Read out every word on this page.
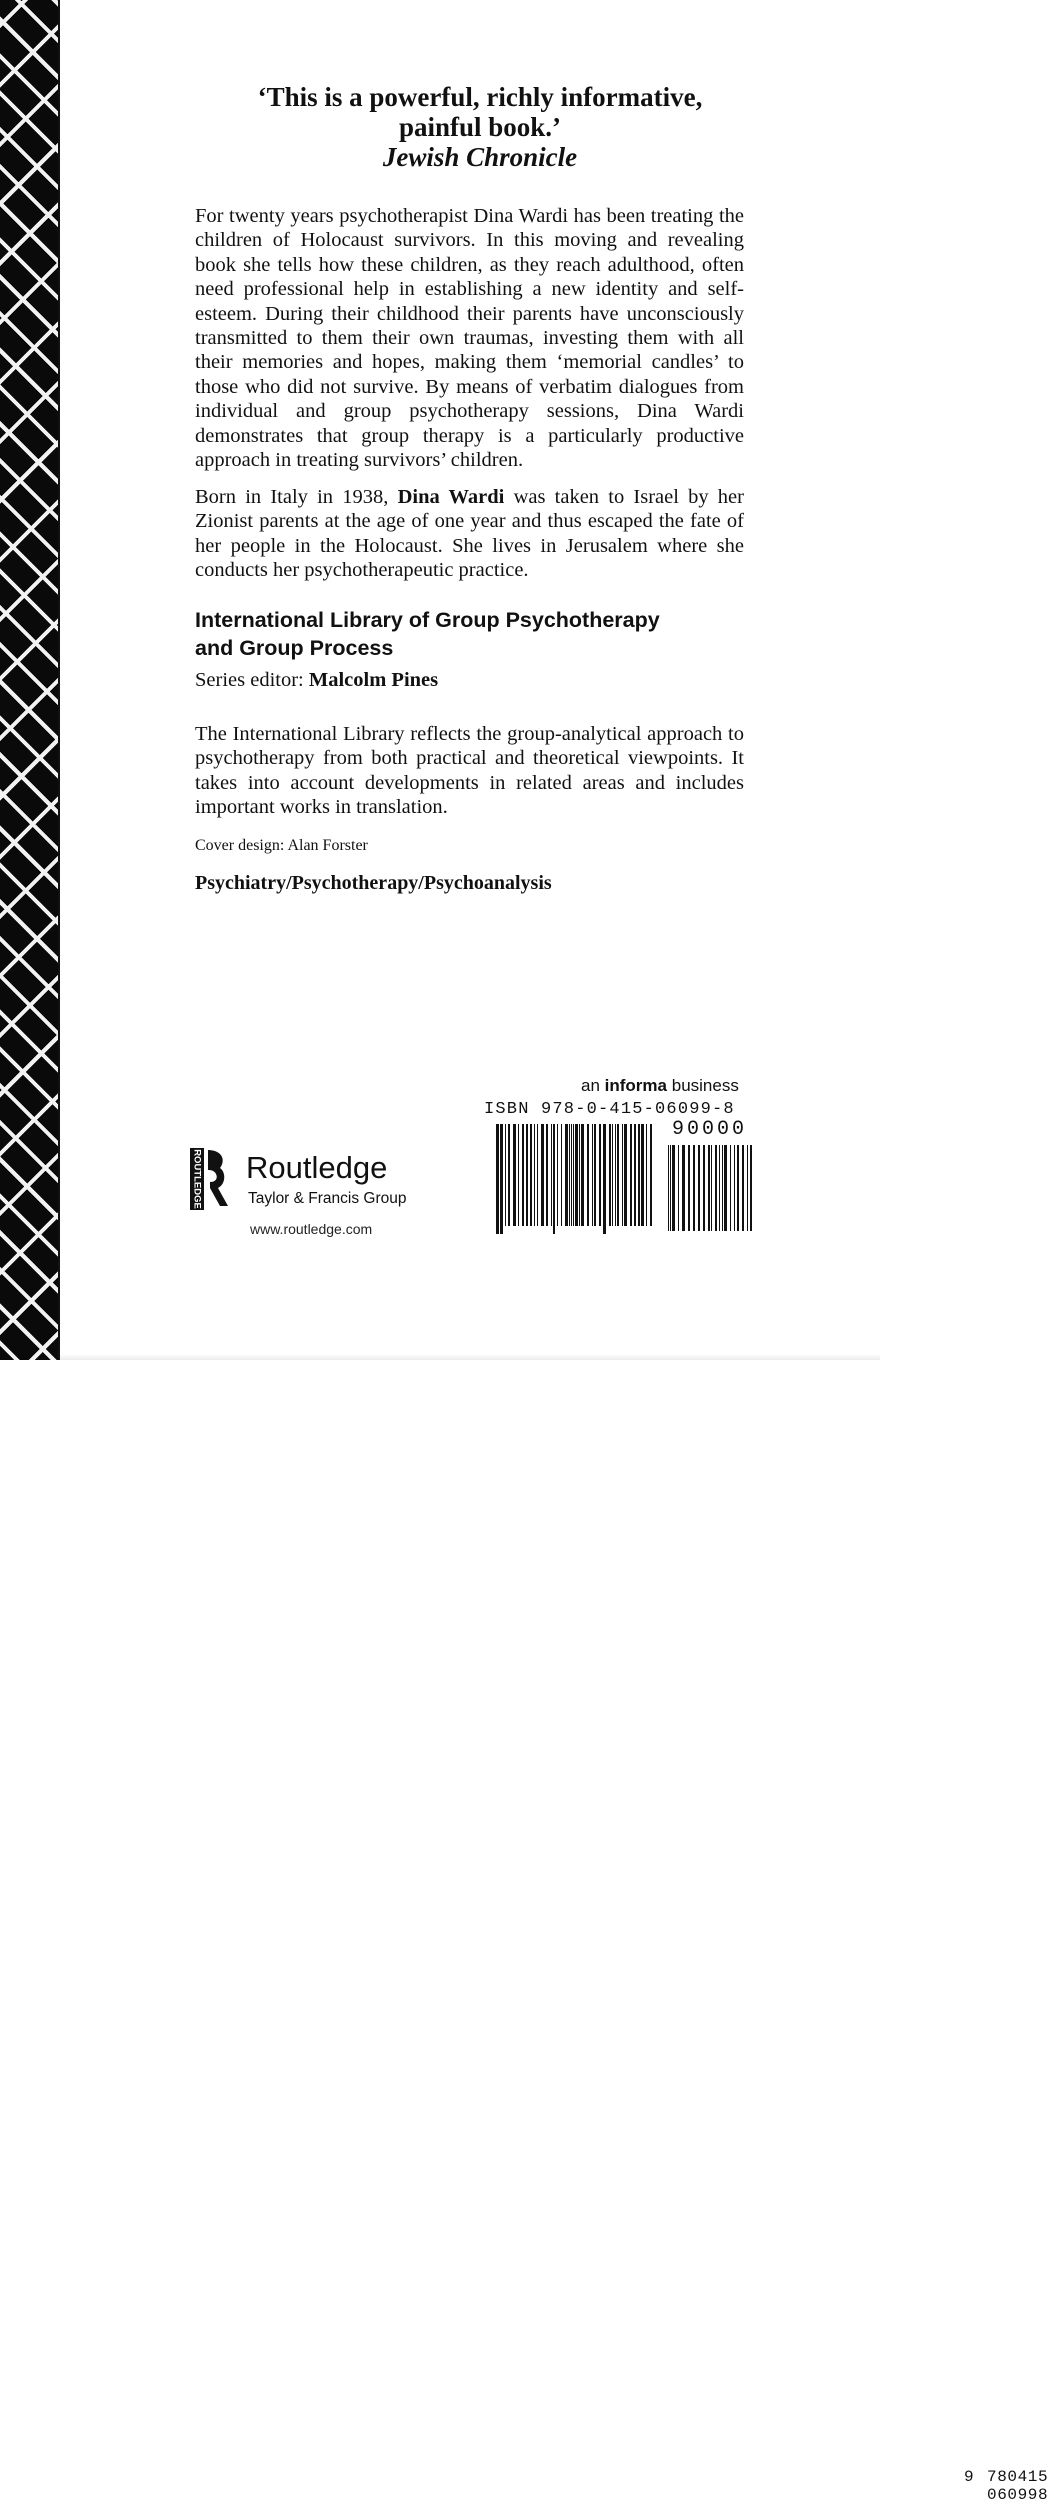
‘This is a powerful, richly informative,
painful book.’
Jewish Chronicle
For twenty years psychotherapist Dina Wardi has been treating the children of Holocaust survivors. In this moving and revealing book she tells how these children, as they reach adulthood, often need professional help in establishing a new identity and self-esteem. During their childhood their parents have unconsciously transmitted to them their own traumas, investing them with all their memories and hopes, making them ‘memorial candles’ to those who did not survive. By means of verbatim dialogues from individual and group psychotherapy sessions, Dina Wardi demonstrates that group therapy is a particularly productive approach in treating survivors’ children.
Born in Italy in 1938, Dina Wardi was taken to Israel by her Zionist parents at the age of one year and thus escaped the fate of her people in the Holocaust. She lives in Jerusalem where she conducts her psychotherapeutic practice.
International Library of Group Psychotherapy
and Group Process
Series editor: Malcolm Pines
The International Library reflects the group-analytical approach to psychotherapy from both practical and theoretical viewpoints. It takes into account developments in related areas and includes important works in translation.
Cover design: Alan Forster
Psychiatry/Psychotherapy/Psychoanalysis
ROUTLEDGE Routledge
Taylor & Francis Group
www.routledge.com
an informa business
ISBN 978-0-415-06099-8
90000
9 780415 060998
